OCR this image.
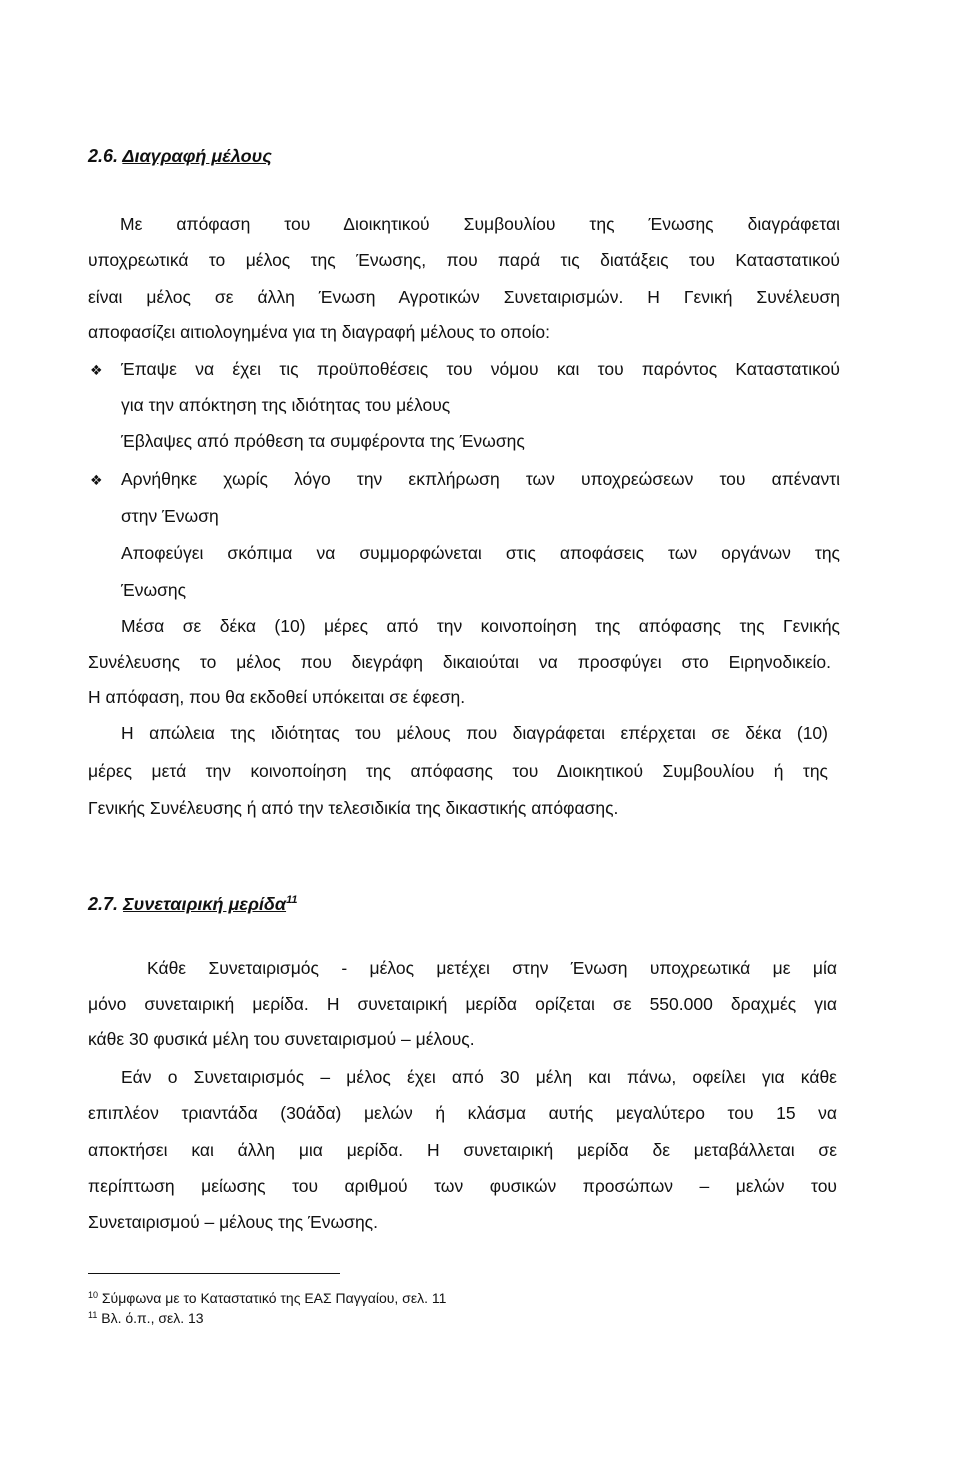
2.6. Διαγραφή μέλους
Με απόφαση του Διοικητικού Συμβουλίου της Ένωσης διαγράφεται
υποχρεωτικά το μέλος της Ένωσης, που παρά τις διατάξεις του Καταστατικού
είναι μέλος σε άλλη Ένωση Αγροτικών Συνεταιρισμών. Η Γενική Συνέλευση
αποφασίζει αιτιολογημένα για τη διαγραφή μέλους το οποίο:
❖ Έπαψε να έχει τις προϋποθέσεις του νόμου και του παρόντος Καταστατικού
για την απόκτηση της ιδιότητας του μέλους
Έβλαψες από πρόθεση τα συμφέροντα της Ένωσης
❖ Αρνήθηκε χωρίς λόγο την εκπλήρωση των υποχρεώσεων του απέναντι
στην Ένωση
Αποφεύγει σκόπιμα να συμμορφώνεται στις αποφάσεις των οργάνων της
Ένωσης
Μέσα σε δέκα (10) μέρες από την κοινοποίηση της απόφασης της Γενικής
Συνέλευσης το μέλος που διεγράφη δικαιούται να προσφύγει στο Ειρηνοδικείο.
Η απόφαση, που θα εκδοθεί υπόκειται σε έφεση.
Η απώλεια της ιδιότητας του μέλους που διαγράφεται επέρχεται σε δέκα (10)
μέρες μετά την κοινοποίηση της απόφασης του Διοικητικού Συμβουλίου ή της
Γενικής Συνέλευσης ή από την τελεσιδικία της δικαστικής απόφασης.
2.7. Συνεταιρική μερίδα$^{11}$
Κάθε Συνεταιρισμός - μέλος μετέχει στην Ένωση υποχρεωτικά με μία
μόνο συνεταιρική μερίδα. Η συνεταιρική μερίδα ορίζεται σε 550.000 δραχμές για
κάθε 30 φυσικά μέλη του συνεταιρισμού – μέλους.
Εάν ο Συνεταιρισμός – μέλος έχει από 30 μέλη και πάνω, οφείλει για κάθε
επιπλέον τριαντάδα (30άδα) μελών ή κλάσμα αυτής μεγαλύτερο του 15 να
αποκτήσει και άλλη μια μερίδα. Η συνεταιρική μερίδα δε μεταβάλλεται σε
περίπτωση μείωσης του αριθμού των φυσικών προσώπων – μελών του
Συνεταιρισμού – μέλους της Ένωσης.
$^{10}$ Σύμφωνα με το Καταστατικό της ΕΑΣ Παγγαίου, σελ. 11
$^{11}$ Βλ. ό.π., σελ. 13
